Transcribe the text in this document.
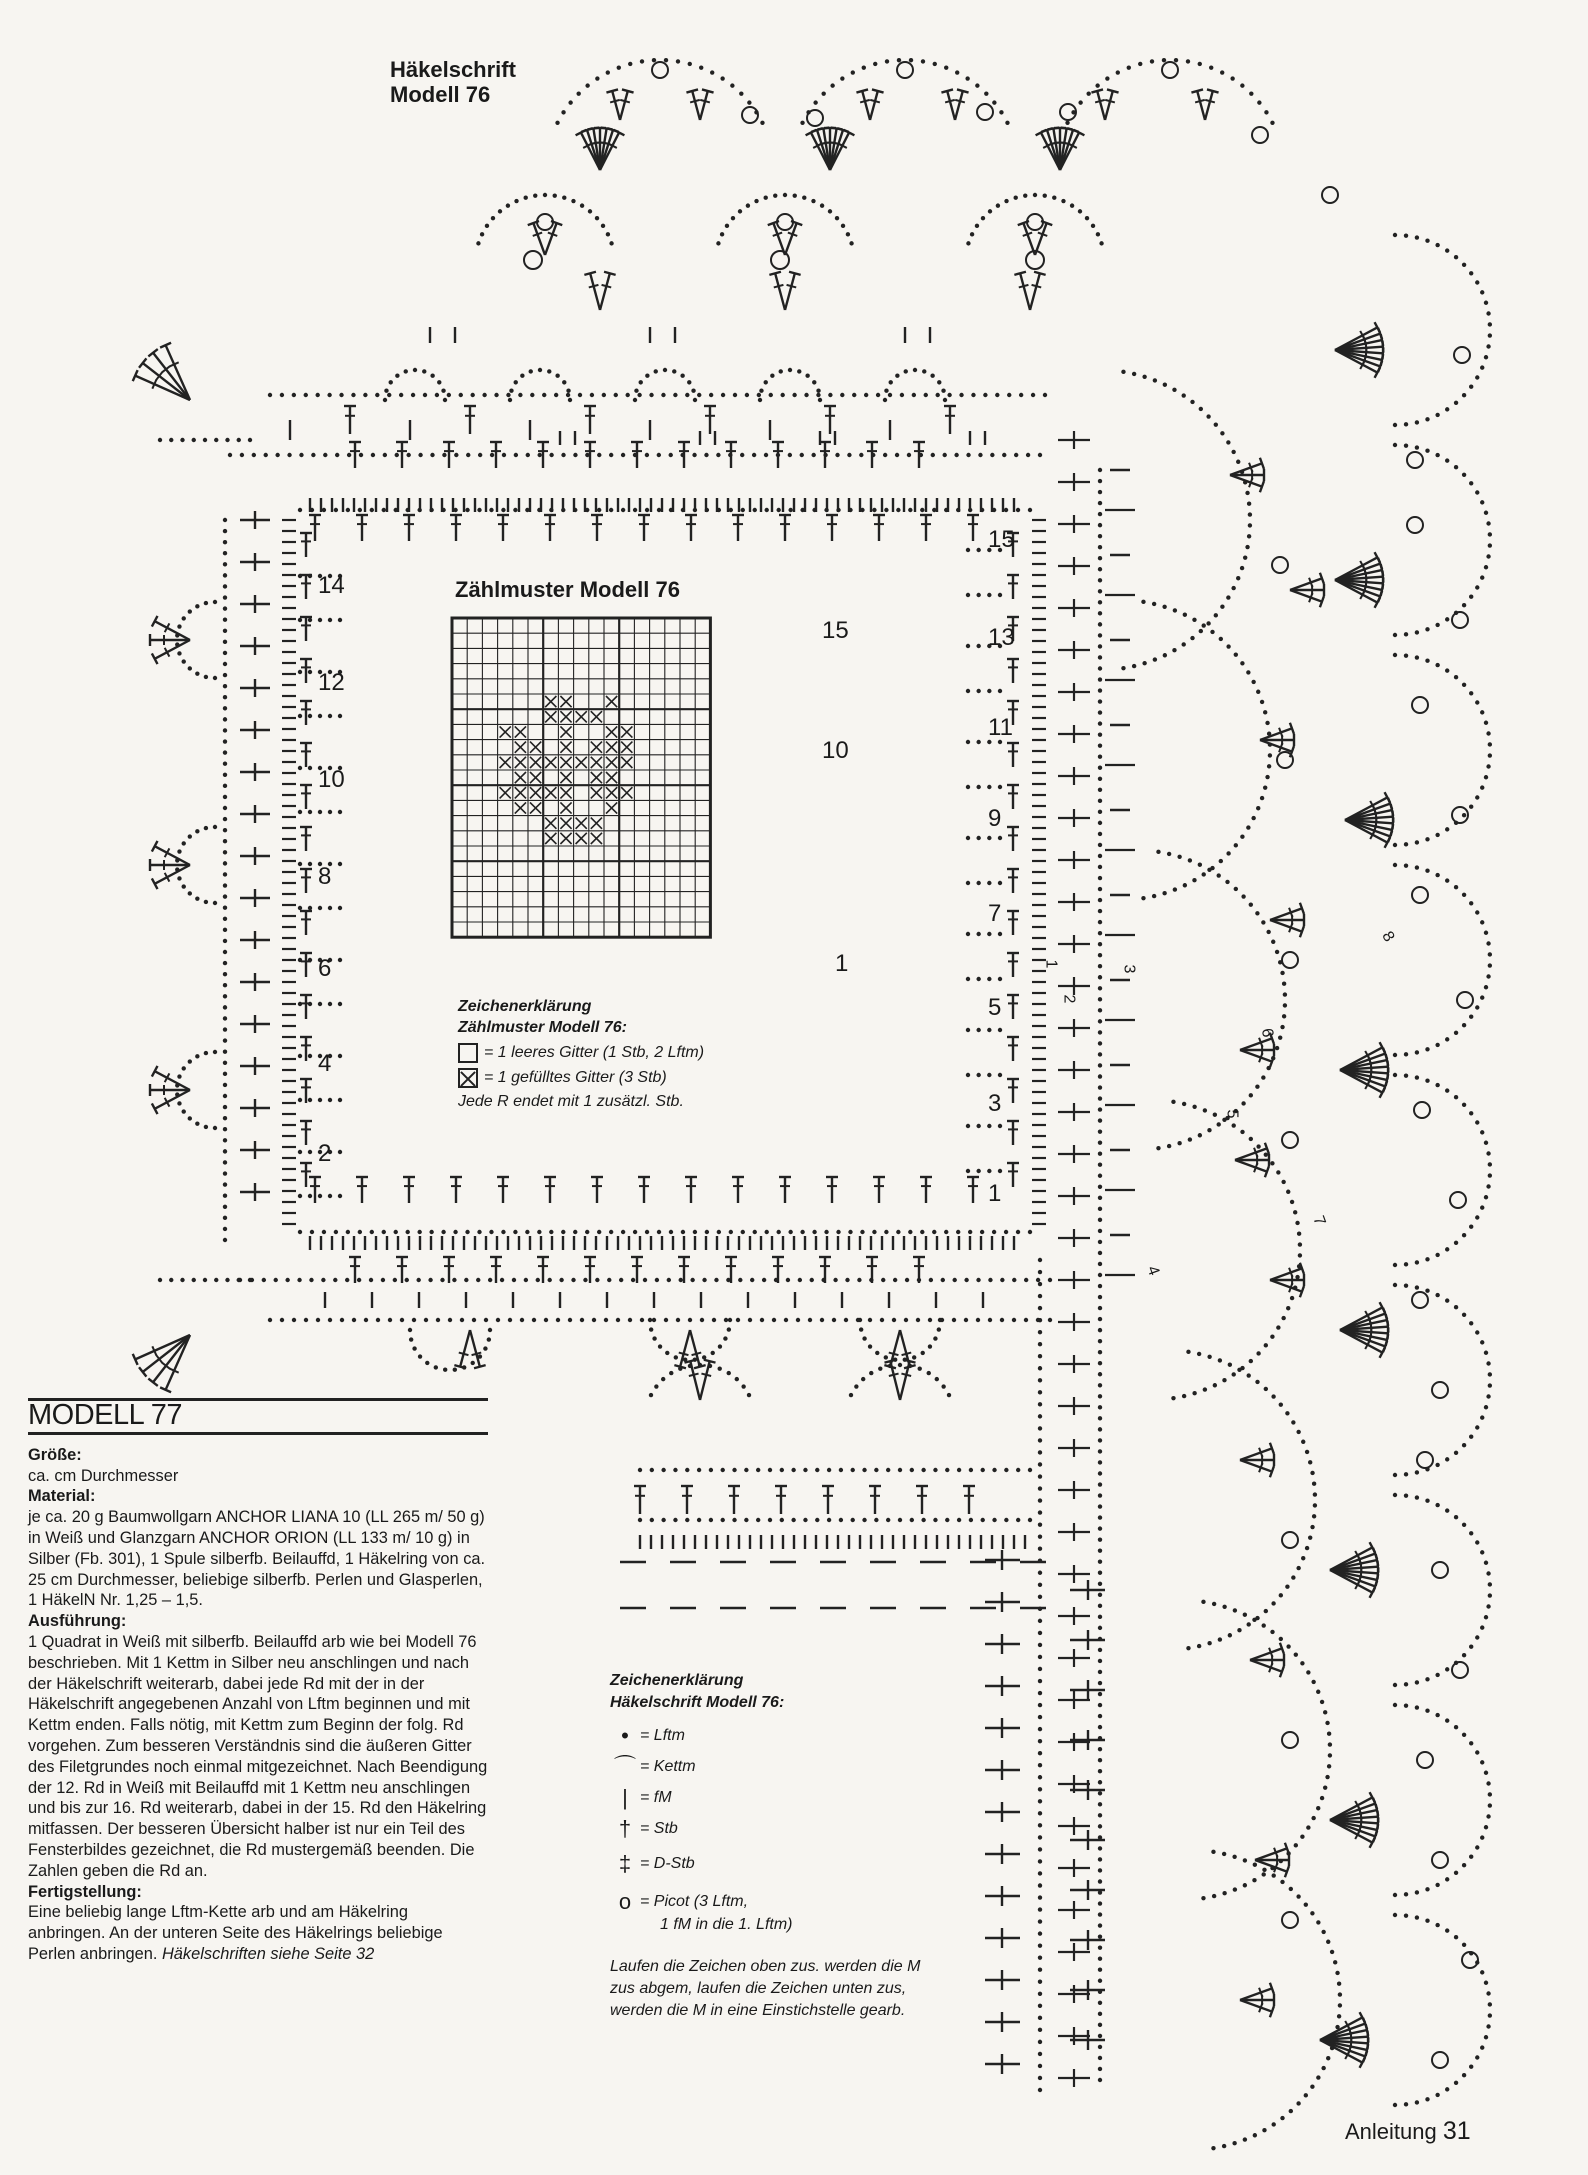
Häkelschrift
Modell 76
Zählmuster Modell 76
15
10
1
Zeichenerklärung
Zählmuster Modell 76:
= 1 leeres Gitter (1 Stb, 2 Lftm)
= 1 gefülltes Gitter (3 Stb)
Jede R endet mit 1 zusätzl. Stb.
14
12
10
8
6
4
2
15
13
11
9
7
5
3
1
1
2
3
4
5
6
7
8
MODELL 77

Größe:

ca. cm Durchmesser

Material:

je ca. 20 g Baumwollgarn ANCHOR LIANA 10 (LL 265 m/ 50 g) in Weiß und Glanzgarn ANCHOR ORION (LL 133 m/ 10 g) in Silber (Fb. 301), 1 Spule silberfb. Beilauffd, 1 Häkelring von ca. 25 cm Durchmesser, beliebige silberfb. Perlen und Glasperlen, 1 HäkelN Nr. 1,25 – 1,5.

Ausführung:

1 Quadrat in Weiß mit silberfb. Beilauffd arb wie bei Modell 76 beschrieben. Mit 1 Kettm in Silber neu anschlingen und nach der Häkelschrift weiterarb, dabei jede Rd mit der in der Häkelschrift angegebenen Anzahl von Lftm beginnen und mit Kettm enden. Falls nötig, mit Kettm zum Beginn der folg. Rd vorgehen. Zum besseren Verständnis sind die äußeren Gitter des Filetgrundes noch einmal mitgezeichnet. Nach Beendigung der 12. Rd in Weiß mit Beilauffd mit 1 Kettm neu anschlingen und bis zur 16. Rd weiterarb, dabei in der 15. Rd den Häkelring mitfassen. Der besseren Übersicht halber ist nur ein Teil des Fensterbildes gezeichnet, die Rd mustergemäß beenden. Die Zahlen geben die Rd an.

Fertigstellung:

Eine beliebig lange Lftm-Kette arb und am Häkelring anbringen. An der unteren Seite des Häkelrings beliebige Perlen anbringen. Häkelschriften siehe Seite 32

Zeichenerklärung
Häkelschrift Modell 76:
• = Lftm
⌒ = Kettm
| = fM
† = Stb
‡ = D-Stb
o = Picot (3 Lftm,
1 fM in die 1. Lftm)
Laufen die Zeichen oben zus. werden die M zus abgem, laufen die Zeichen unten zus, werden die M in eine Einstichstelle gearb.
Anleitung 31
